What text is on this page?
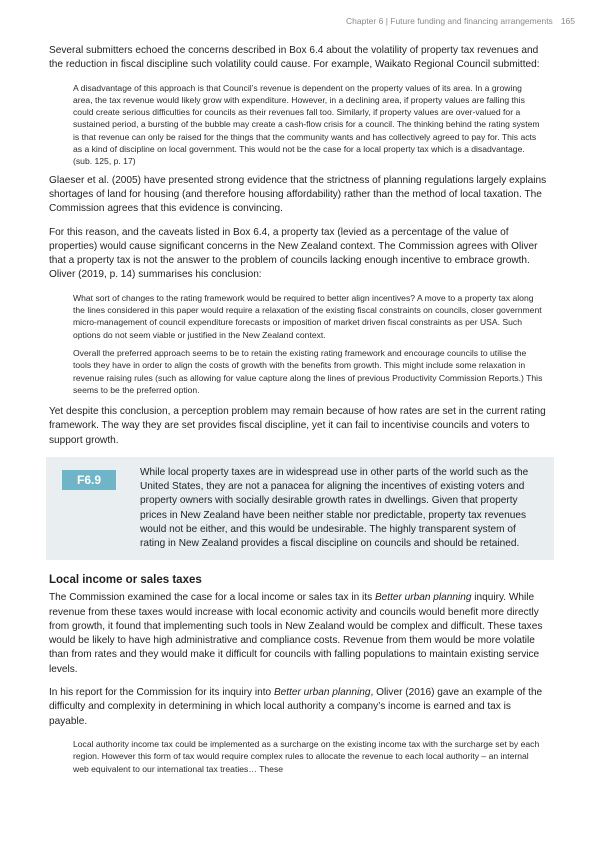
Chapter 6 | Future funding and financing arrangements 165

Several submitters echoed the concerns described in Box 6.4 about the volatility of property tax revenues and the reduction in fiscal discipline such volatility could cause. For example, Waikato Regional Council submitted:

A disadvantage of this approach is that Council’s revenue is dependent on the property values of its area. In a growing area, the tax revenue would likely grow with expenditure. However, in a declining area, if property values are falling this could create serious difficulties for councils as their revenues fall too. Similarly, if property values are over-valued for a sustained period, a bursting of the bubble may create a cash-flow crisis for a council. The thinking behind the rating system is that revenue can only be raised for the things that the community wants and has collectively agreed to pay for. This acts as a kind of discipline on local government. This would not be the case for a local property tax which is a disadvantage. (sub. 125, p. 17)

Glaeser et al. (2005) have presented strong evidence that the strictness of planning regulations largely explains shortages of land for housing (and therefore housing affordability) rather than the method of local taxation. The Commission agrees that this evidence is convincing.

For this reason, and the caveats listed in Box 6.4, a property tax (levied as a percentage of the value of properties) would cause significant concerns in the New Zealand context. The Commission agrees with Oliver that a property tax is not the answer to the problem of councils lacking enough incentive to embrace growth. Oliver (2019, p. 14) summarises his conclusion:

What sort of changes to the rating framework would be required to better align incentives? A move to a property tax along the lines considered in this paper would require a relaxation of the existing fiscal constraints on councils, closer government micro-management of council expenditure forecasts or imposition of market driven fiscal constraints as per USA. Such options do not seem viable or justified in the New Zealand context.

Overall the preferred approach seems to be to retain the existing rating framework and encourage councils to utilise the tools they have in order to align the costs of growth with the benefits from growth. This might include some relaxation in revenue raising rules (such as allowing for value capture along the lines of previous Productivity Commission Reports.) This seems to be the preferred option.

Yet despite this conclusion, a perception problem may remain because of how rates are set in the current rating framework. The way they are set provides fiscal discipline, yet it can fail to incentivise councils and voters to support growth.

F6.9

While local property taxes are in widespread use in other parts of the world such as the United States, they are not a panacea for aligning the incentives of existing voters and property owners with socially desirable growth rates in dwellings. Given that property prices in New Zealand have been neither stable nor predictable, property tax revenues would not be either, and this would be undesirable. The highly transparent system of rating in New Zealand provides a fiscal discipline on councils and should be retained.

Local income or sales taxes

The Commission examined the case for a local income or sales tax in its Better urban planning inquiry. While revenue from these taxes would increase with local economic activity and councils would benefit more directly from growth, it found that implementing such tools in New Zealand would be complex and difficult. These taxes would be likely to have high administrative and compliance costs. Revenue from them would be more volatile than from rates and they would make it difficult for councils with falling populations to maintain existing service levels.

In his report for the Commission for its inquiry into Better urban planning, Oliver (2016) gave an example of the difficulty and complexity in determining in which local authority a company’s income is earned and tax is payable.

Local authority income tax could be implemented as a surcharge on the existing income tax with the surcharge set by each region. However this form of tax would require complex rules to allocate the revenue to each local authority – an internal web equivalent to our international tax treaties… These
